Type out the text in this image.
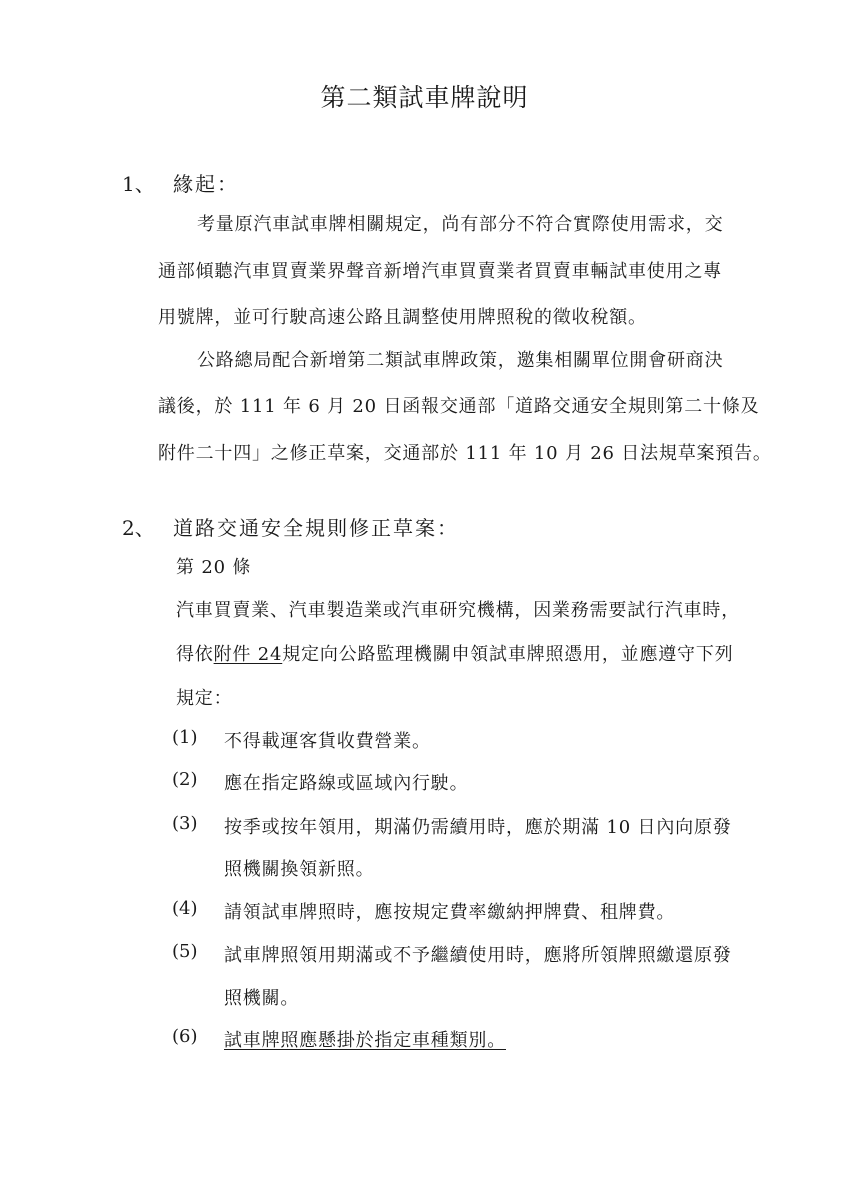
第二類試車牌說明
1、 緣起：
考量原汽車試車牌相關規定，尚有部分不符合實際使用需求，交
通部傾聽汽車買賣業界聲音新增汽車買賣業者買賣車輛試車使用之專
用號牌，並可行駛高速公路且調整使用牌照稅的徵收稅額。
公路總局配合新增第二類試車牌政策，邀集相關單位開會研商決
議後，於 111 年 6 月 20 日函報交通部「道路交通安全規則第二十條及
附件二十四」之修正草案，交通部於 111 年 10 月 26 日法規草案預告。
2、 道路交通安全規則修正草案：
第 20 條
汽車買賣業、汽車製造業或汽車研究機構，因業務需要試行汽車時，
得依附件 24規定向公路監理機關申領試車牌照憑用，並應遵守下列
規定：
(1) 不得載運客貨收費營業。
(2) 應在指定路線或區域內行駛。
(3) 按季或按年領用，期滿仍需續用時，應於期滿 10 日內向原發
照機關換領新照。
(4) 請領試車牌照時，應按規定費率繳納押牌費、租牌費。
(5) 試車牌照領用期滿或不予繼續使用時，應將所領牌照繳還原發
照機關。
(6) 試車牌照應懸掛於指定車種類別。
